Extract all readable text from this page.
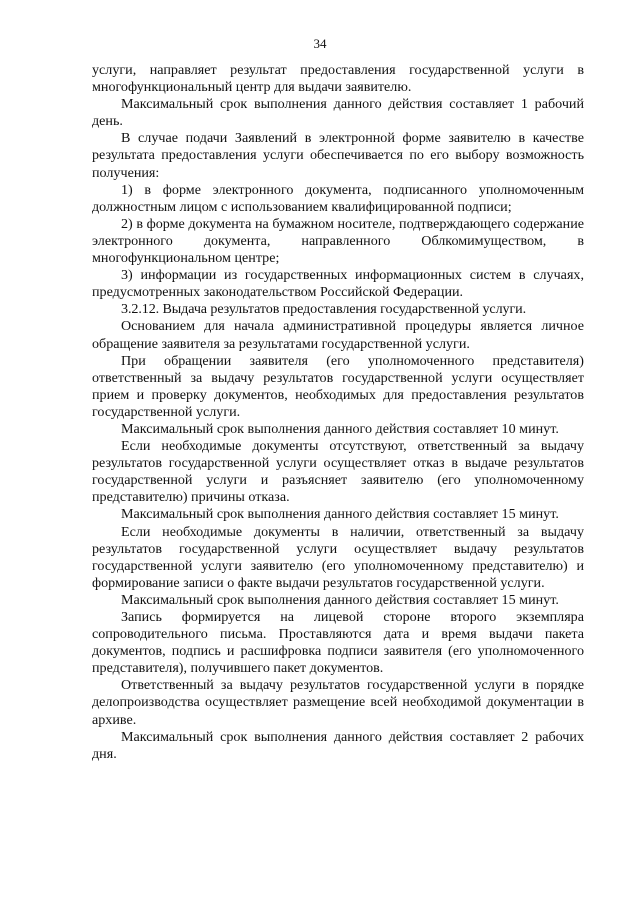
34

услуги, направляет результат предоставления государственной услуги в многофункциональный центр для выдачи заявителю.

Максимальный срок выполнения данного действия составляет 1 рабочий день.

В случае подачи Заявлений в электронной форме заявителю в качестве результата предоставления услуги обеспечивается по его выбору возможность получения:

1) в форме электронного документа, подписанного уполномоченным должностным лицом с использованием квалифицированной подписи;

2) в форме документа на бумажном носителе, подтверждающего содержание электронного документа, направленного Облкомимуществом, в многофункциональном центре;

3) информации из государственных информационных систем в случаях, предусмотренных законодательством Российской Федерации.

3.2.12. Выдача результатов предоставления государственной услуги.

Основанием для начала административной процедуры является личное обращение заявителя за результатами государственной услуги.

При обращении заявителя (его уполномоченного представителя) ответственный за выдачу результатов государственной услуги осуществляет прием и проверку документов, необходимых для предоставления результатов государственной услуги.

Максимальный срок выполнения данного действия составляет 10 минут.

Если необходимые документы отсутствуют, ответственный за выдачу результатов государственной услуги осуществляет отказ в выдаче результатов государственной услуги и разъясняет заявителю (его уполномоченному представителю) причины отказа.

Максимальный срок выполнения данного действия составляет 15 минут.

Если необходимые документы в наличии, ответственный за выдачу результатов государственной услуги осуществляет выдачу результатов государственной услуги заявителю (его уполномоченному представителю) и формирование записи о факте выдачи результатов государственной услуги.

Максимальный срок выполнения данного действия составляет 15 минут.

Запись формируется на лицевой стороне второго экземпляра сопроводительного письма. Проставляются дата и время выдачи пакета документов, подпись и расшифровка подписи заявителя (его уполномоченного представителя), получившего пакет документов.

Ответственный за выдачу результатов государственной услуги в порядке делопроизводства осуществляет размещение всей необходимой документации в архиве.

Максимальный срок выполнения данного действия составляет 2 рабочих дня.
